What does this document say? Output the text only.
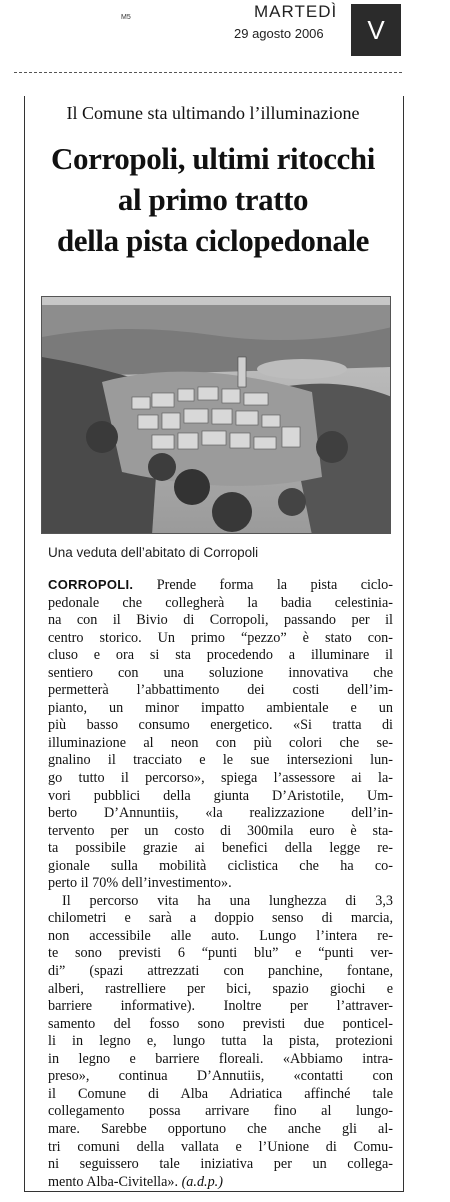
M5	MARTEDÌ
29 agosto 2006 V
Il Comune sta ultimando l’illuminazione
Corropoli, ultimi ritocchi
al primo tratto
della pista ciclopedonale
Una veduta dell’abitato di Corropoli
CORROPOLI. Prende forma la pista ciclo-
pedonale che collegherà la badia celestinia-
na con il Bivio di Corropoli, passando per il
centro storico. Un primo “pezzo” è stato con-
cluso e ora si sta procedendo a illuminare il
sentiero con una soluzione innovativa che
permetterà l’abbattimento dei costi dell’im-
pianto, un minor impatto ambientale e un
più basso consumo energetico. «Si tratta di
illuminazione al neon con più colori che se-
gnalino il tracciato e le sue intersezioni lun-
go tutto il percorso», spiega l’assessore ai la-
vori pubblici della giunta D’Aristotile, Um-
berto D’Annuntiis, «la realizzazione dell’in-
tervento per un costo di 300mila euro è sta-
ta possibile grazie ai benefici della legge re-
gionale sulla mobilità ciclistica che ha co-
perto il 70% dell’investimento».
Il percorso vita ha una lunghezza di 3,3
chilometri e sarà a doppio senso di marcia,
non accessibile alle auto. Lungo l’intera re-
te sono previsti 6 “punti blu” e “punti ver-
di” (spazi attrezzati con panchine, fontane,
alberi, rastrelliere per bici, spazio giochi e
barriere informative). Inoltre per l’attraver-
samento del fosso sono previsti due ponticel-
li in legno e, lungo tutta la pista, protezioni
in legno e barriere floreali. «Abbiamo intra-
preso», continua D’Annutiis, «contatti con
il Comune di Alba Adriatica affinché tale
collegamento possa arrivare fino al lungo-
mare. Sarebbe opportuno che anche gli al-
tri comuni della vallata e l’Unione di Comu-
ni seguissero tale iniziativa per un collega-
mento Alba-Civitella». (a.d.p.)
